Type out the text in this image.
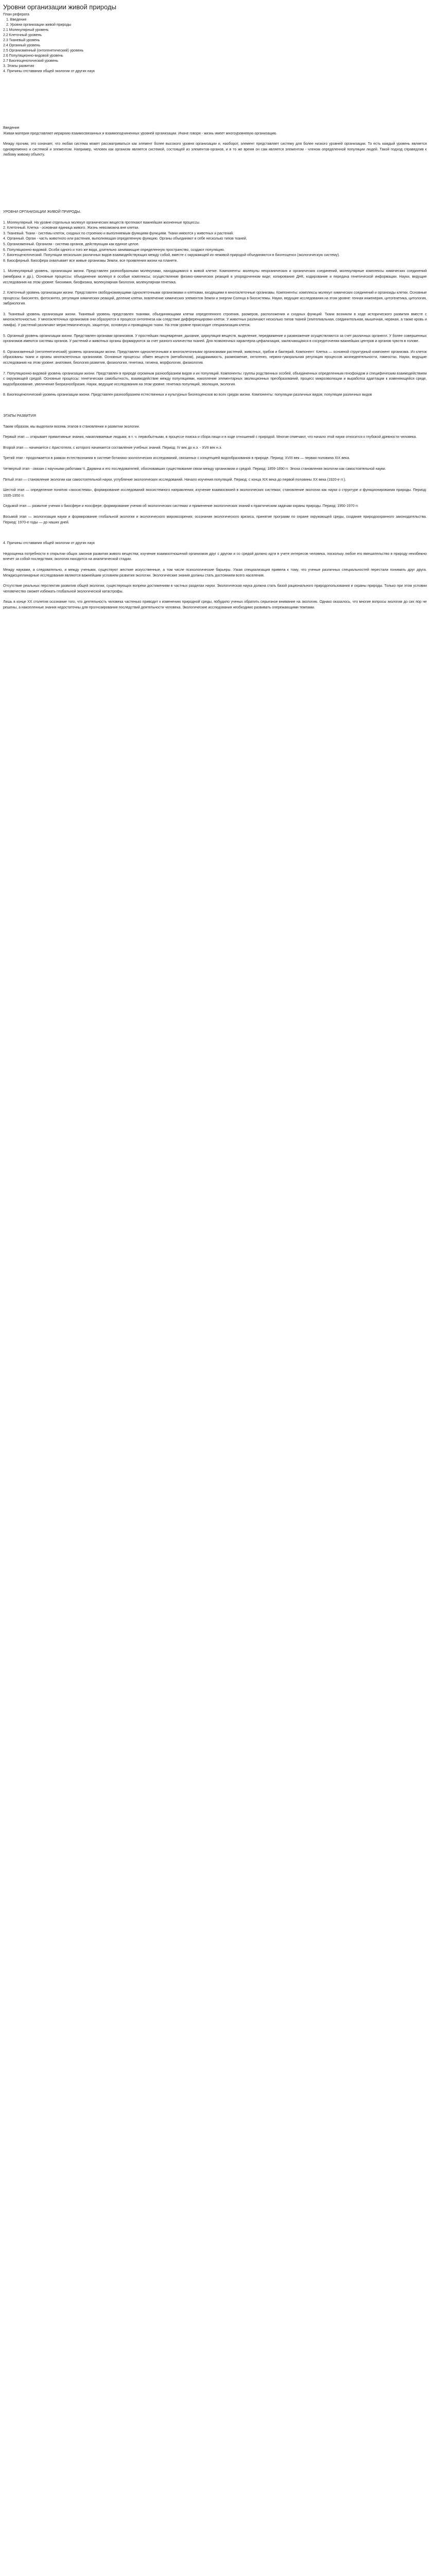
Уровни организации живой природы
План реферата
1. Введение
2. Уровни организации живой природы
2.1 Молекулярный уровень
2.2 Клеточный уровень
2.3 Тканевый уровень
2.4 Органный уровень
2.5 Организменный (онтогенетический) уровень
2.6 Популяционно-видовой уровень
2.7 Биогеоценотический уровень
3. Этапы развития
4. Причины отставания общей экологии от других наук
Введение

Живая материя представляет иерархию взаимосвязанных и взаимоподчиненных уровней организации. Иначе говоря - жизнь имеет многоуровневую организацию.

Между прочим, это означает, что любая система может рассматриваться как элемент более высокого уровня организации и, наоборот, элемент представляет систему для более низкого уровней организации. То есть каждый уровень является одновременно и системой и элементом. Например, человек как организм является системой, состоящей из элементов-органов, и в то же время он сам является элементом - членом определенной популяции людей. Такой подход справедлив к любому живому объекту.

УРОВНИ ОРГАНИЗАЦИИ ЖИВОЙ ПРИРОДЫ.

1. Молекулярный. На уровне отдельных молекул органических веществ протекают важнейшие жизненные процессы.

2. Клеточный. Клетка - основная единица живого. Жизнь невозможна вне клетки.

3. Тканевый. Ткани - системы клеток, сходных по строению и выполняемым функциям функциям. Ткани имеются у животных и растений.

4. Органный. Орган - часть животного или растения, выполняющая определенную функцию. Органы объединяют в себе несколько типов тканей.

5. Организменный. Организм - система органов, действующая как единое целое.

6. Популяционно-видовой. Особи одного и того же вида, длительно занимающие определенную пространство, создают популяцию.

7. Биогеоценотический. Популяции нескольких различных видов взаимодействующих между собой, вместе с окружающей их неживой природой объединяются в биогеоценоз (экологическую систему).

8. Биосферный. Биосфера охватывает все живые организмы Земли, все проявления жизни на планете.

1. Молекулярный уровень, организации жизни. Представлен разнообразными молекулами, находящимися в живой клетке. Компоненты: молекулы неорганических и органических соединений, молекулярные комплексы химических соединений (мембрана и др.). Основные процессы: объединение молекул в особые комплексы; осуществление физико-химических реакций в упорядоченном виде; копирование ДНК, кодирование и передача генетической информации. Науки, ведущие исследования на этом уровне: биохимия, биофизика, молекулярная биология, молекулярная генетика.

2. Клеточный уровень организации жизни. Представлен свободноживущими одноклеточными организмами и клетками, входящими в многоклеточные организмы. Компоненты: комплексы молекул химических соединений и органоиды клетки. Основные процессы: биосинтез, фотосинтез, регуляция химических реакций, деление клетки, вовлечение химических элементов Земли и энергии Солнца в биосистемы. Науки, ведущие исследования на этом уровне: генная инженерия, цитогенетика, цитология, эмбриология.

3. Тканевый уровень организации жизни. Тканевый уровень представлен тканями, объединяющими клетки определенного строения, размеров, расположения и сходных функций. Ткани возникли в ходе исторического развития вместе с многоклеточностью. У многоклеточных организмов они образуются в процессе онтогенеза как следствие дифференцировки клеток. У животных различают несколько типов тканей (эпителиальная, соединительная, мышечная, нервная, а также кровь и лимфа). У растений различают меристематическую, защитную, основную и проводящую ткани. На этом уровне происходит специализация клеток.

5. Органный уровень организации жизни. Представлен органами организмов. У простейших пищеварение, дыхание, циркуляция веществ, выделение, передвижение и размножение осуществляются за счет различных органелл. У более совершенных организмов имеются системы органов. У растений и животных органы формируются за счет разного количества тканей. Для позвоночных характерна цефализация, заключающаяся в сосредоточении важнейших центров и органов чувств в голове.

6. Организменный (онтогенетический) уровень организации жизни. Представлен одноклеточными и многоклеточными организмами растений, животных, грибов и бактерий. Компонент: Клетка — основной структурный компонент организма. Из клеток образованы ткани и органы многоклеточных организмов. Основные процессы: обмен веществ (метаболизм), раздражимость, размножение, онтогенез, нервно-гуморальная регуляция процессов жизнедеятельности, гомеостаз. Науки, ведущие исследования на этом уровне: анатомия, биология развития, физиология, генетика, гигиена, морфология, физиология.

7. Популяционно-видовой уровень организации жизни. Представлен в природе огромным разнообразием видов и их популяций. Компоненты: группы родственных особей, объединенных определенным генофондом и специфическим взаимодействием с окружающей средой. Основные процессы: генетическая самобытность, взаимодействие между популяциями, накопление элементарных эволюционных преобразований, процесс микроэволюции и выработка адаптации к изменяющейся среде, видообразование, увеличение биоразнообразия. Науки, ведущие исследования на этом уровне: генетика популяций, эволюция, экология.

8. Биогеоценотический уровень организации жизни. Представлен разнообразием естественных и культурных биогеоценозов во всех средах жизни. Компоненты: популяции различных видов; популяции различных видов

ЭТАПЫ РАЗВИТИЯ

Таким образом, мы выделили восемь этапов в становлении и развитии экологии.

Первый этап — открывает примитивные знания, накапливаемые людьми, в т. ч. первобытными, в процессе поиска и сбора пищи и в ходе отношений с природой. Многие отмечают, что начало этой науки относится к глубокой древности человека.

Второй этап — начинается с Аристотеля, с которого начинается составление учебных знаний. Период: IV век до н.э. - XVII век н.э.

Третий этап - продолжается в рамках естествознания в системе ботанико-зоологических исследований, связанных с концепцией видообразования в природе. Период: XVIII век — первая половина XIX века.

Четвертый этап - связан с научными работами Ч. Дарвина и его последователей, обосновавших существование связи между организмом и средой. Период: 1859-1890 гг. Эпоха становления экологии как самостоятельной науки.

Пятый этап — становление экологии как самостоятельной науки, углубление экологических исследований. Начало изучения популяций. Период: с конца XIX века до первой половины XX века (1920-е гг.).

Шестой этап — определение понятия «экосистема», формирование исследований экосистемного направления; изучение взаимосвязей в экологических системах; становление экологии как науки о структуре и функционировании природы. Период: 1935-1950 гг.

Седьмой этап — развитие учения о биосфере и ноосфере; формирование учения об экологических системах и применение экологических знаний к практическим задачам охраны природы. Период: 1950-1970 гг.

Восьмой этап — экологизация науки и формирование глобальной экологии и экологического мировоззрения; осознание экологического кризиса, принятие программ по охране окружающей среды, создание природоохранного законодательства. Период: 1970-е годы — до наших дней.

4. Причины отставания общей экологии от других наук

Недооценка потребности в открытии общих законов развития живого вещества; изучение взаимоотношений организмов друг с другом и со средой должно идти в учете интересов человека, поскольку любое его вмешательство в природу неизбежно влечет за собой последствия; экология находится на аналитической стадии.

Между науками, а следовательно, и между учеными, существуют жесткие искусственные, а том числе психологические барьеры. Узкая специализация привела к тому, что ученые различных специальностей перестали понимать друг друга. Междисциплинарные исследования являются важнейшим условием развития экологии. Экологические знания должны стать достоянием всего населения.

Отсутствие реальных перспектив развития общей экологии, существующих вопреки достижениям в частных разделах науки. Экологическая наука должна стать базой рационального природопользования и охраны природы. Только при этом условии человечество сможет избежать глобальной экологической катастрофы.

Лишь в конце XX столетия осознание того, что деятельность человека частенько приводит к изменению природной среды, побудило ученых обратить серьезное внимание на экологию. Однако оказалось, что многие вопросы экологии до сих пор не решены, а накопленные знания недостаточны для прогнозирования последствий деятельности человека. Экологические исследования необходимо развивать опережающими темпами.
